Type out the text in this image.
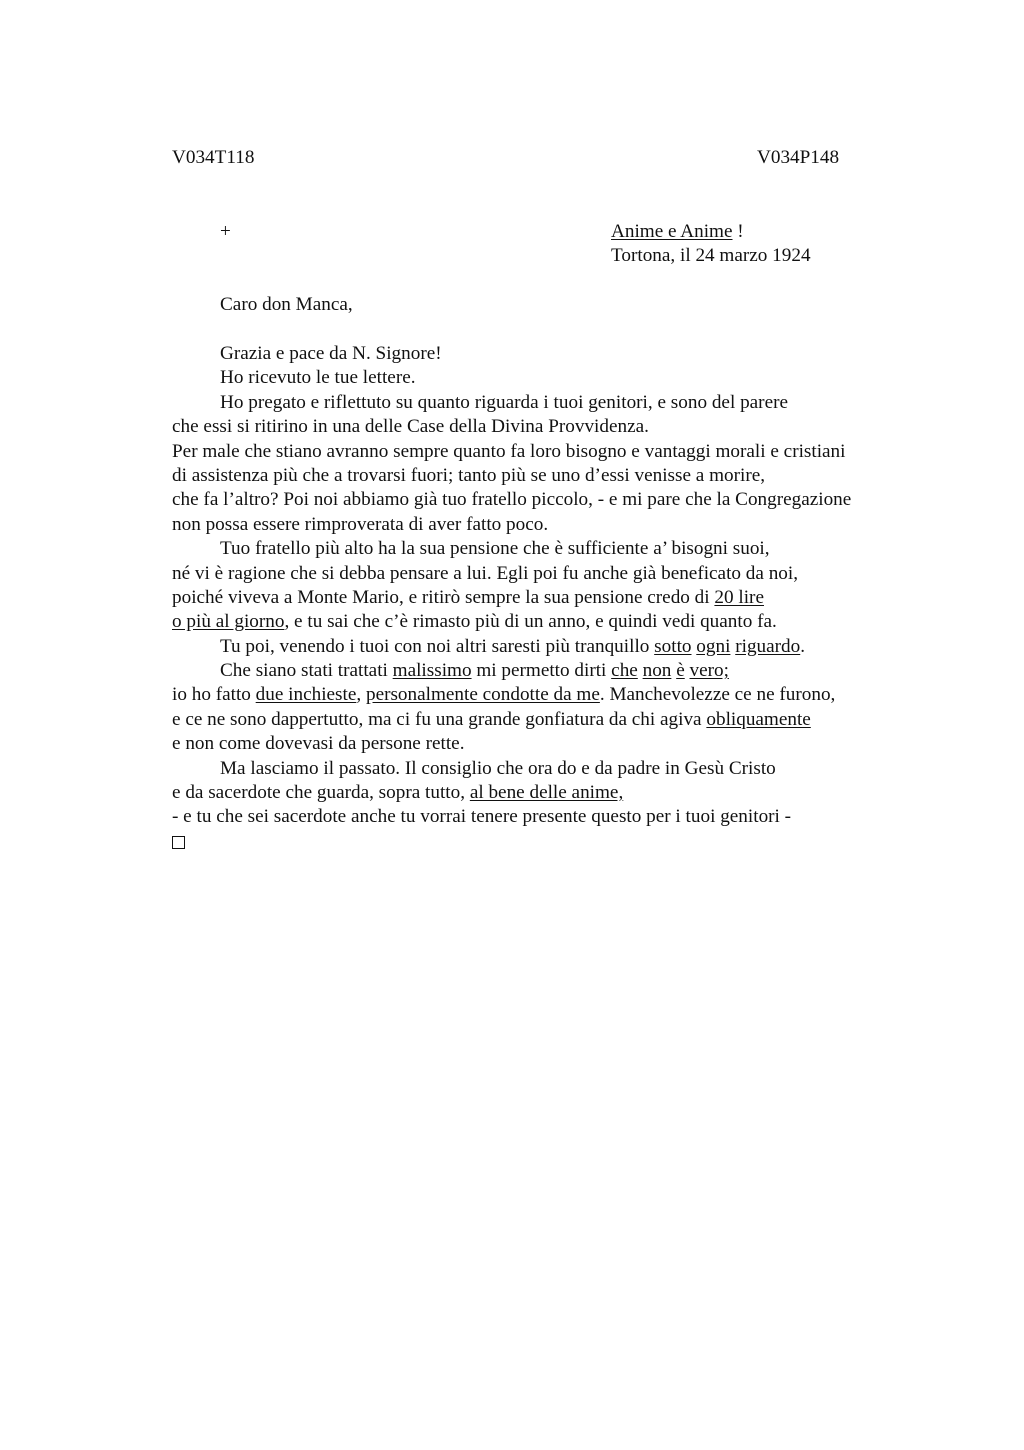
V034T118	V034P148
+	Anime e Anime !
Tortona, il 24 marzo 1924
Caro don Manca,
Grazia e pace da N. Signore!
Ho ricevuto le tue lettere.
Ho pregato e riflettuto su quanto riguarda i tuoi genitori, e sono del parere
che essi si ritirino in una delle Case della Divina Provvidenza.
Per male che stiano avranno sempre quanto fa loro bisogno e vantaggi morali e cristiani
di assistenza più che a trovarsi fuori; tanto più se uno d’essi venisse a morire,
che fa l’altro? Poi noi abbiamo già tuo fratello piccolo, - e mi pare che la Congregazione
non possa essere rimproverata di aver fatto poco.
Tuo fratello più alto ha la sua pensione che è sufficiente a’ bisogni suoi,
né vi è ragione che si debba pensare a lui. Egli poi fu anche già beneficato da noi,
poiché viveva a Monte Mario, e ritirò sempre la sua pensione credo di 20 lire
o più al giorno, e tu sai che c’è rimasto più di un anno, e quindi vedi quanto fa.
Tu poi, venendo i tuoi con noi altri saresti più tranquillo sotto ogni riguardo.
Che siano stati trattati malissimo mi permetto dirti che non è vero;
io ho fatto due inchieste, personalmente condotte da me. Manchevolezze ce ne furono,
e ce ne sono dappertutto, ma ci fu una grande gonfiatura da chi agiva obliquamente
e non come dovevasi da persone rette.
Ma lasciamo il passato. Il consiglio che ora do e da padre in Gesù Cristo
e da sacerdote che guarda, sopra tutto, al bene delle anime,
- e tu che sei sacerdote anche tu vorrai tenere presente questo per i tuoi genitori -
